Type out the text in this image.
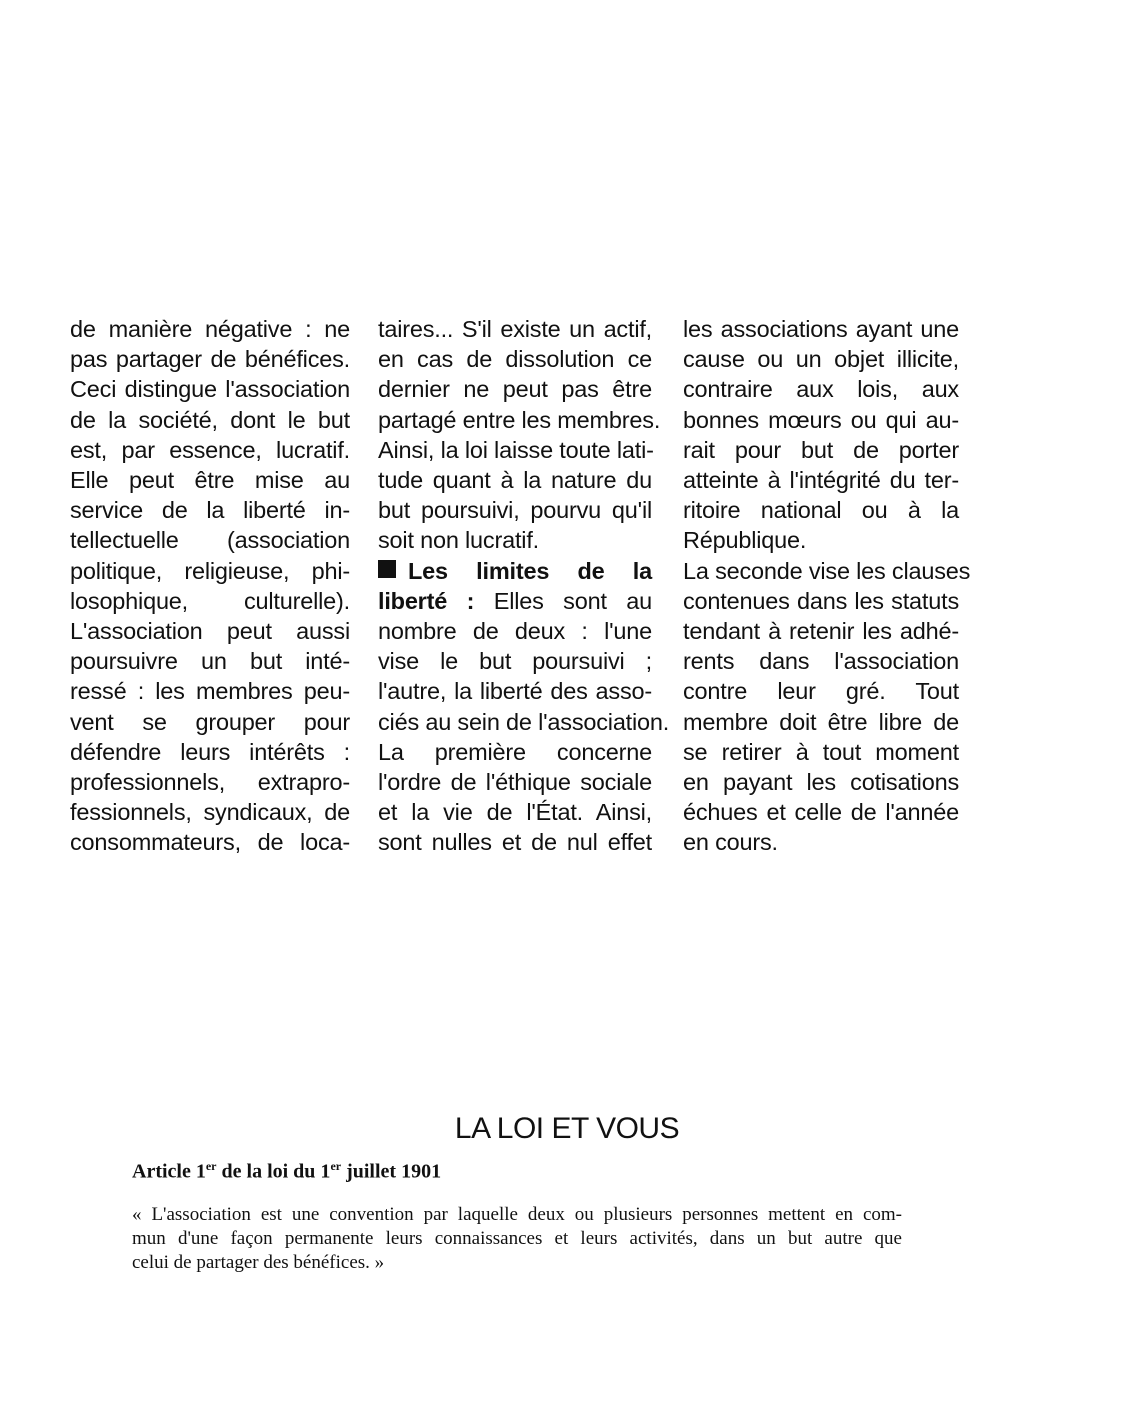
de manière négative : ne
pas partager de bénéfices.
Ceci distingue l'association
de la société, dont le but
est, par essence, lucratif.
Elle peut être mise au
service de la liberté in-
tellectuelle (association
politique, religieuse, phi-
losophique, culturelle).
L'association peut aussi
poursuivre un but inté-
ressé : les membres peu-
vent se grouper pour
défendre leurs intérêts :
professionnels, extrapro-
fessionnels, syndicaux, de
consommateurs, de loca-
taires... S'il existe un actif,
en cas de dissolution ce
dernier ne peut pas être
partagé entre les membres.
Ainsi, la loi laisse toute lati-
tude quant à la nature du
but poursuivi, pourvu qu'il
soit non lucratif.
Les limites de la
liberté : Elles sont au
nombre de deux : l'une
vise le but poursuivi ;
l'autre, la liberté des asso-
ciés au sein de l'association.
La première concerne
l'ordre de l'éthique sociale
et la vie de l'État. Ainsi,
sont nulles et de nul effet
les associations ayant une
cause ou un objet illicite,
contraire aux lois, aux
bonnes mœurs ou qui au-
rait pour but de porter
atteinte à l'intégrité du ter-
ritoire national ou à la
République.
La seconde vise les clauses
contenues dans les statuts
tendant à retenir les adhé-
rents dans l'association
contre leur gré. Tout
membre doit être libre de
se retirer à tout moment
en payant les cotisations
échues et celle de l'année
en cours.
LA LOI ET VOUS
Article 1er de la loi du 1er juillet 1901
« L'association est une convention par laquelle deux ou plusieurs personnes mettent en com-
mun d'une façon permanente leurs connaissances et leurs activités, dans un but autre que
celui de partager des bénéfices. »
